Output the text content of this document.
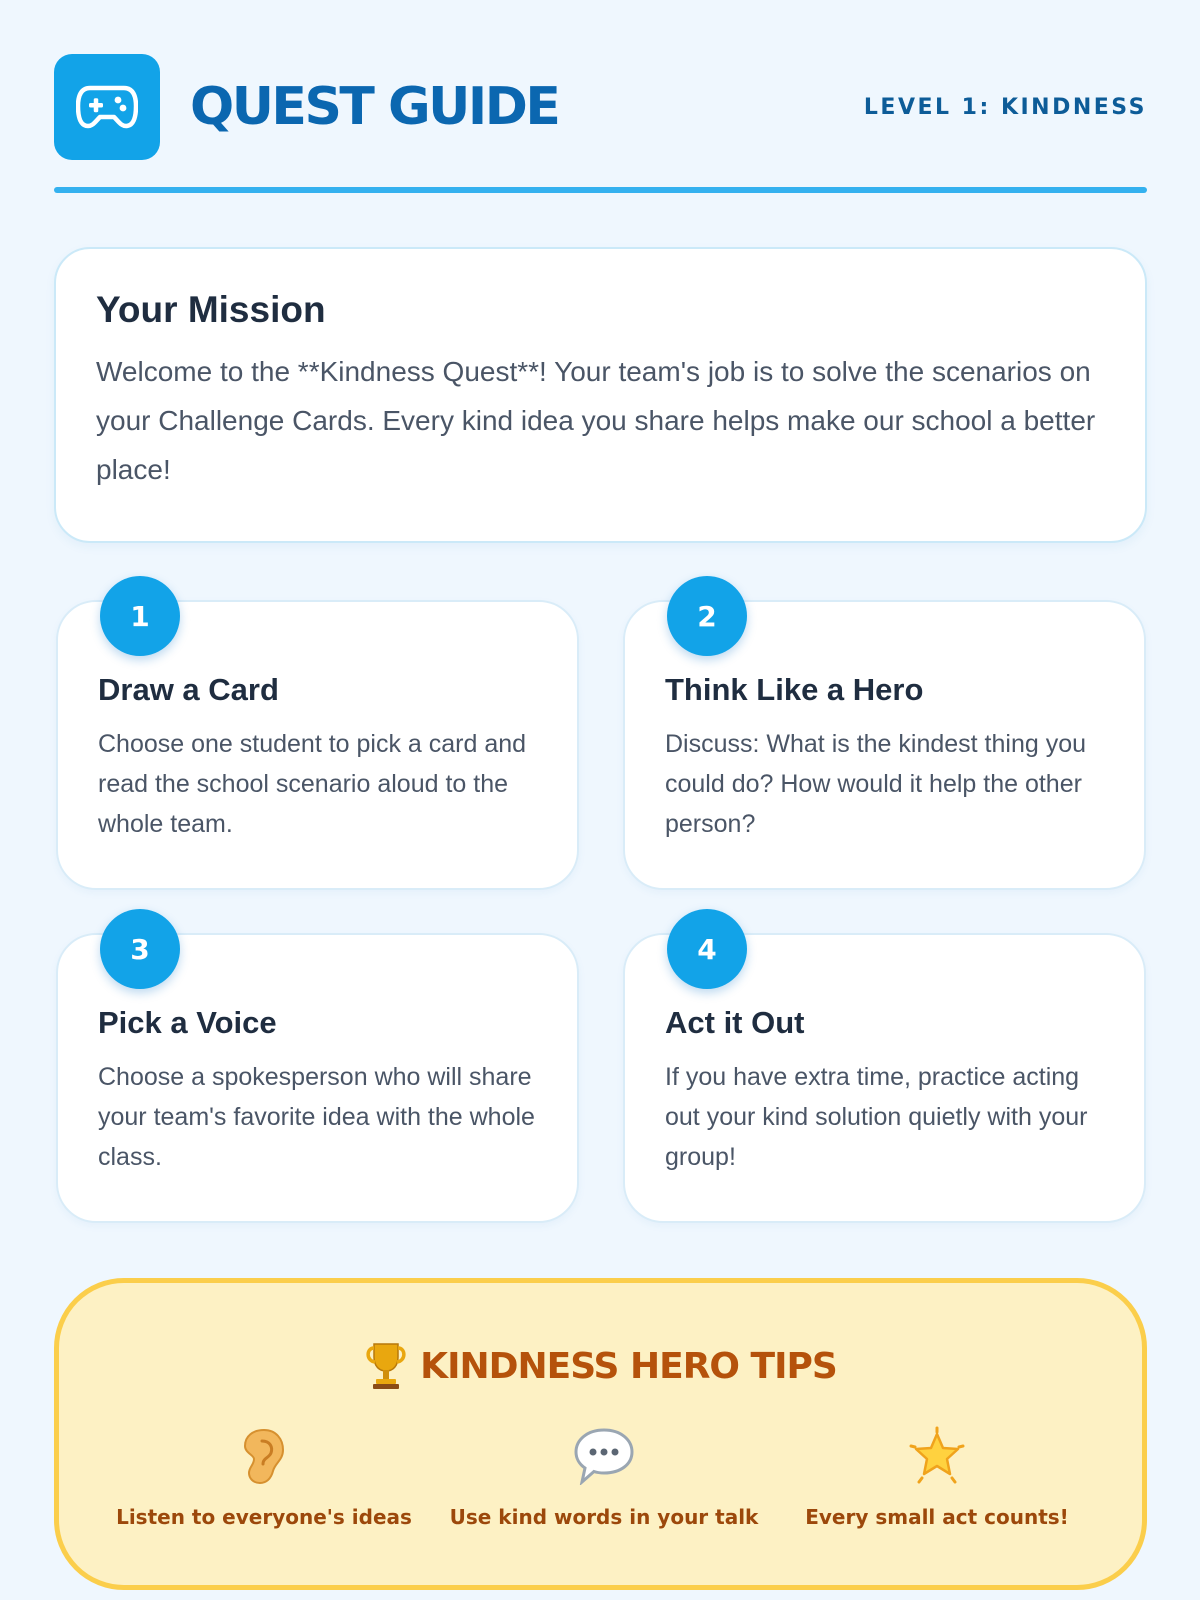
QUEST GUIDE	LEVEL 1: KINDNESS
Your Mission

Welcome to the **Kindness Quest**! Your team's job is to solve the scenarios on your Challenge Cards. Every kind idea you share helps make our school a better place!

1
Draw a Card

Choose one student to pick a card and read the school scenario aloud to the whole team.

2
Think Like a Hero

Discuss: What is the kindest thing you could do? How would it help the other person?

3
Pick a Voice

Choose a spokesperson who will share your team's favorite idea with the whole class.

4
Act it Out

If you have extra time, practice acting out your kind solution quietly with your group!

KINDNESS HERO TIPS
Listen to everyone's ideas	Use kind words in your talk	Every small act counts!
